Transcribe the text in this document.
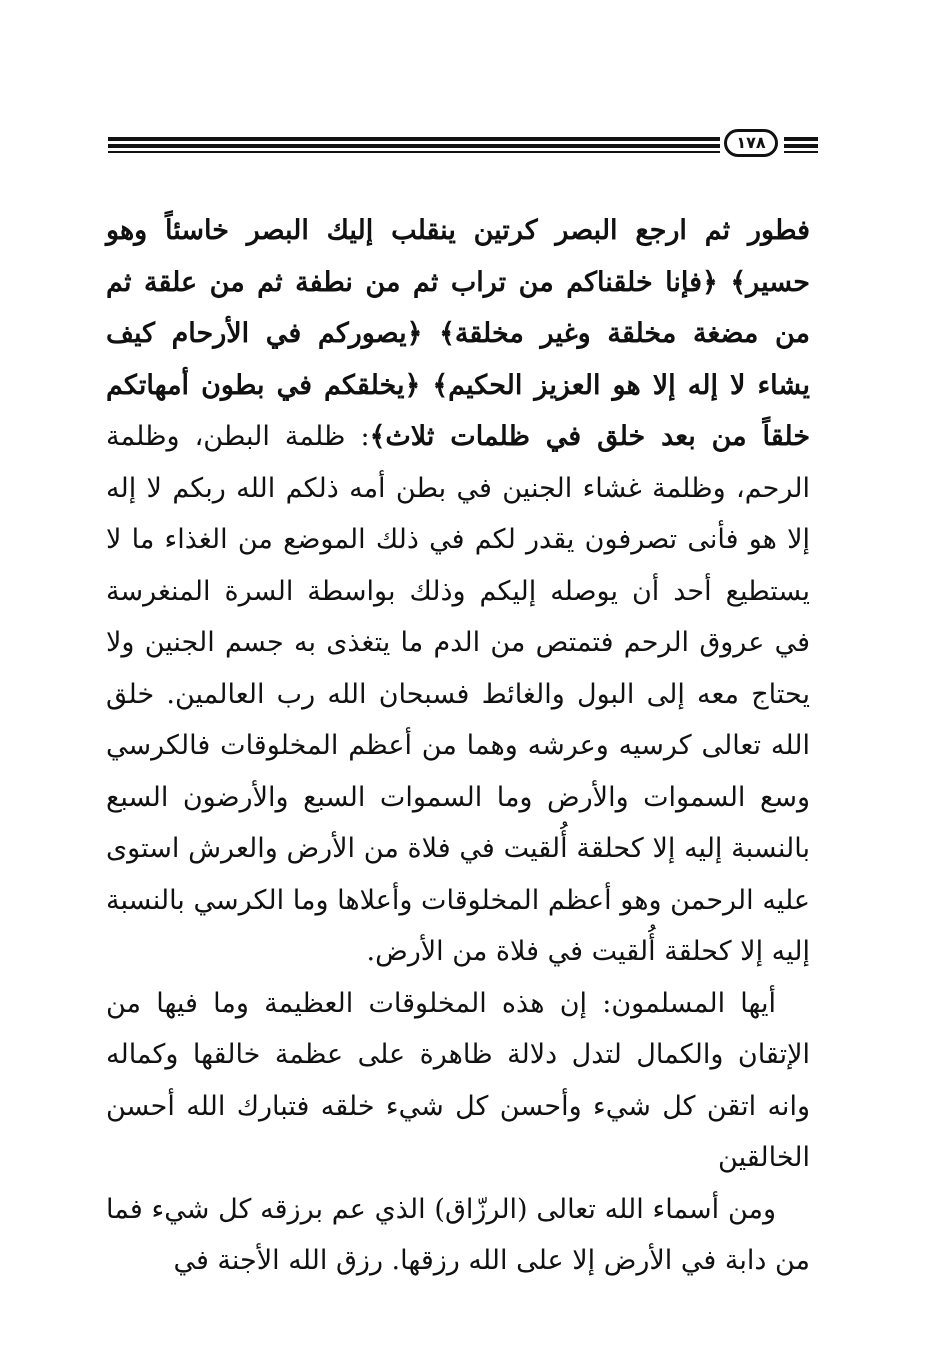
١٧٨

فطور ثم ارجع البصر كرتين ينقلب إليك البصر خاسئاً وهو حسير﴾ ﴿فإنا خلقناكم من تراب ثم من نطفة ثم من علقة ثم من مضغة مخلقة وغير مخلقة﴾ ﴿يصوركم في الأرحام كيف يشاء لا إله إلا هو العزيز الحكيم﴾ ﴿يخلقكم في بطون أمهاتكم خلقاً من بعد خلق في ظلمات ثلاث﴾: ظلمة البطن، وظلمة الرحم، وظلمة غشاء الجنين في بطن أمه ذلكم الله ربكم لا إله إلا هو فأنى تصرفون يقدر لكم في ذلك الموضع من الغذاء ما لا يستطيع أحد أن يوصله إليكم وذلك بواسطة السرة المنغرسة في عروق الرحم فتمتص من الدم ما يتغذى به جسم الجنين ولا يحتاج معه إلى البول والغائط فسبحان الله رب العالمين. خلق الله تعالى كرسيه وعرشه وهما من أعظم المخلوقات فالكرسي وسع السموات والأرض وما السموات السبع والأرضون السبع بالنسبة إليه إلا كحلقة أُلقيت في فلاة من الأرض والعرش استوى عليه الرحمن وهو أعظم المخلوقات وأعلاها وما الكرسي بالنسبة إليه إلا كحلقة أُلقيت في فلاة من الأرض.

أيها المسلمون: إن هذه المخلوقات العظيمة وما فيها من الإتقان والكمال لتدل دلالة ظاهرة على عظمة خالقها وكماله وانه اتقن كل شيء وأحسن كل شيء خلقه فتبارك الله أحسن الخالقين

ومن أسماء الله تعالى (الرزّاق) الذي عم برزقه كل شيء فما من دابة في الأرض إلا على الله رزقها. رزق الله الأجنة في
